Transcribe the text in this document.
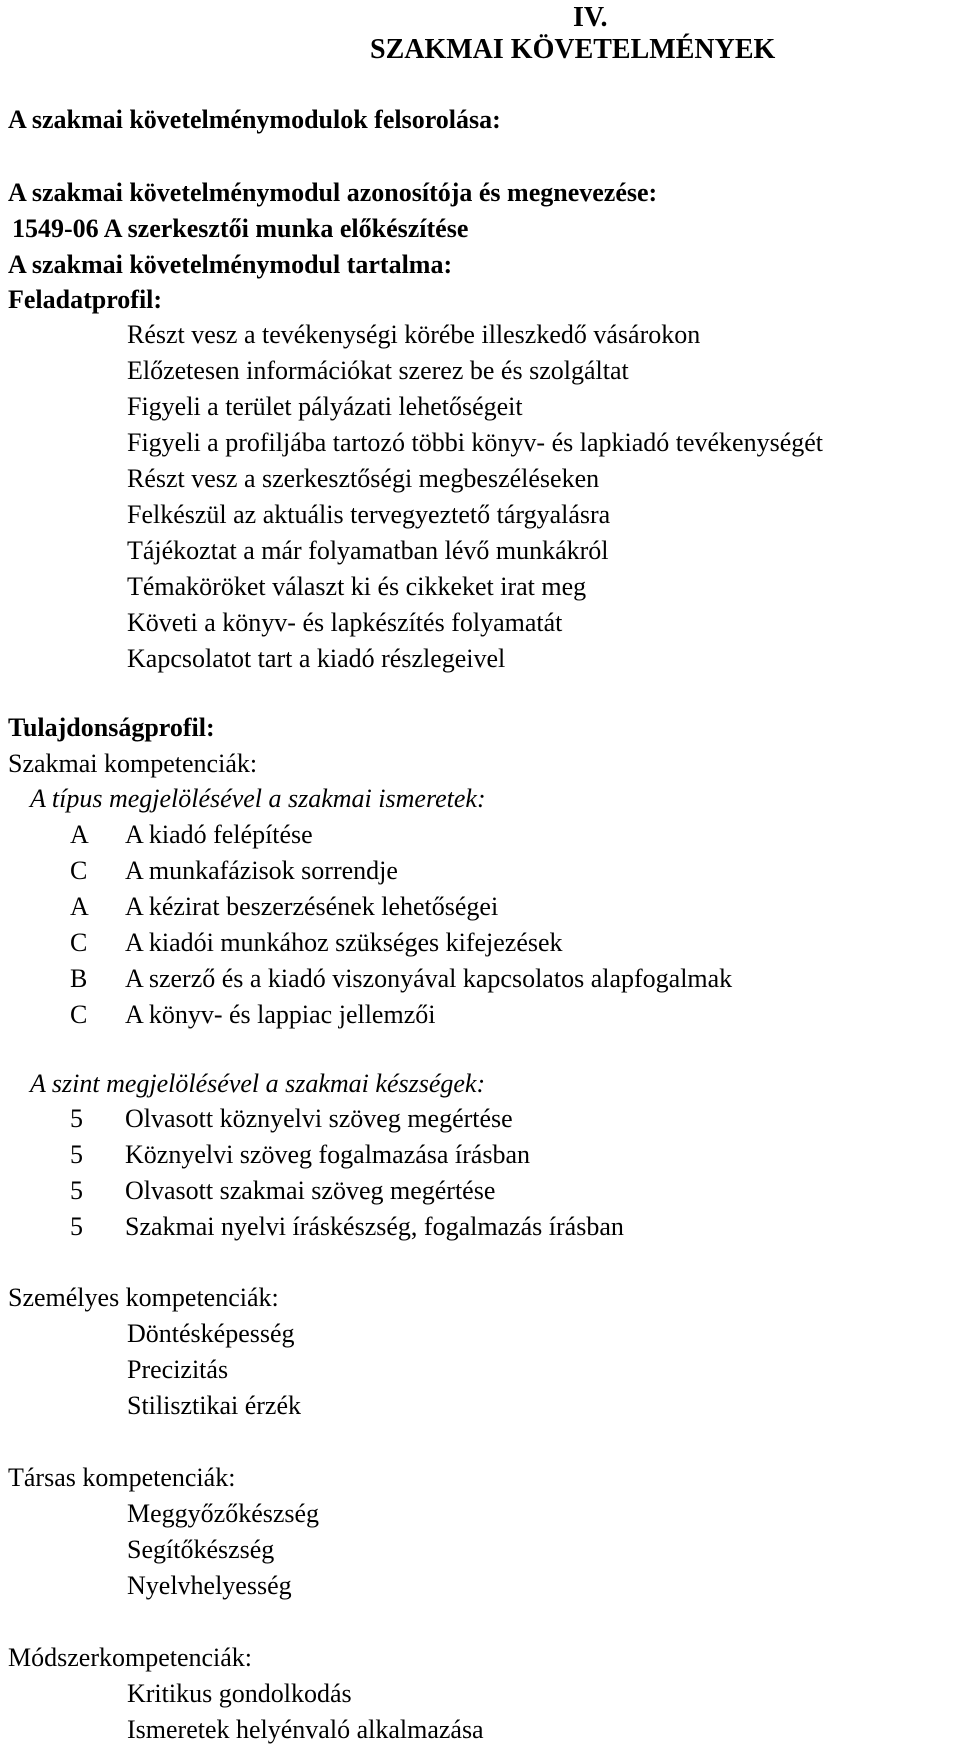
IV.
SZAKMAI KÖVETELMÉNYEK
A szakmai követelménymodulok felsorolása:
A szakmai követelménymodul azonosítója és megnevezése:
1549-06 A szerkesztői munka előkészítése
A szakmai követelménymodul tartalma:
Feladatprofil:
Részt vesz a tevékenységi körébe illeszkedő vásárokon
Előzetesen információkat szerez be és szolgáltat
Figyeli a terület pályázati lehetőségeit
Figyeli a profiljába tartozó többi könyv- és lapkiadó tevékenységét
Részt vesz a szerkesztőségi megbeszéléseken
Felkészül az aktuális tervegyeztető tárgyalásra
Tájékoztat a már folyamatban lévő munkákról
Témaköröket választ ki és cikkeket irat meg
Követi a könyv- és lapkészítés folyamatát
Kapcsolatot tart a kiadó részlegeivel
Tulajdonságprofil:
Szakmai kompetenciák:
A típus megjelölésével a szakmai ismeretek:
A A kiadó felépítése
C A munkafázisok sorrendje
A A kézirat beszerzésének lehetőségei
C A kiadói munkához szükséges kifejezések
B A szerző és a kiadó viszonyával kapcsolatos alapfogalmak
C A könyv- és lappiac jellemzői
A szint megjelölésével a szakmai készségek:
5 Olvasott köznyelvi szöveg megértése
5 Köznyelvi szöveg fogalmazása írásban
5 Olvasott szakmai szöveg megértése
5 Szakmai nyelvi íráskészség, fogalmazás írásban
Személyes kompetenciák:
Döntésképesség
Precizitás
Stilisztikai érzék
Társas kompetenciák:
Meggyőzőkészség
Segítőkészség
Nyelvhelyesség
Módszerkompetenciák:
Kritikus gondolkodás
Ismeretek helyénvaló alkalmazása
